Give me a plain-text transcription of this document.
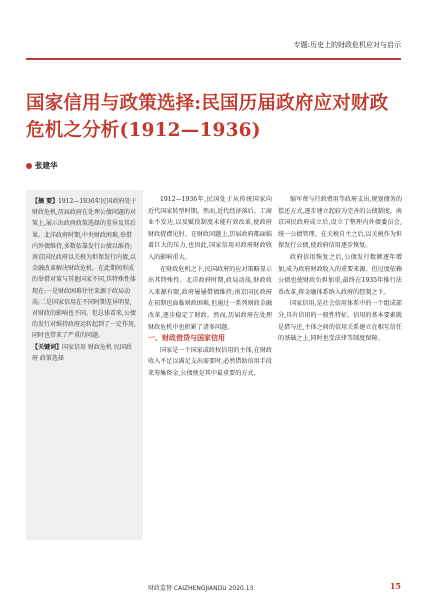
专题:历史上的财政危机应对与启示
国家信用与政策选择:民国历届政府应对财政危机之分析(1912—1936)
张建华
【摘 要】1912—1936年民国政府处于财政危机,历届政府在处理公债问题的对策上,展示出政府政策选择的差异及其后果。北洋政府时期,中央财政困难,举借内外债维持,多数依靠发行公债以维持;南京国民政府以关税为担保发行内债,以金融改革解决财政危机。在此期间形成的举借对策与其他国家不同,其特殊性体现在:一是财政困难往往来源于政局动荡;二是国家信用在不同时期差异明显,对财政的影响也不同。但总体看来,公债的发行对维持政府运转起到了一定作用,同时也带来了严重的问题。
【关键词】国家信用 财政危机 民国政府 政策选择

1912—1936年,民国处于从传统国家向近代国家转型时期。然而,近代经济落后、工商业不发达,以及赋役制度未能有效改革,使政府财政捉襟见肘。在财政问题上,历届政府都面临着巨大的压力,也因此,国家信用对政府财政收入的影响重大。

在财政危机之下,民国政府的应对策略显示出其特殊性。北洋政府时期,政局动荡,财政收入来源有限,政府屡屡借债维持;南京国民政府在初期也面临财政困难,但通过一系列财政金融改革,逐步稳定了财政。然而,历届政府在处理财政危机中也积累了诸多问题。

一、财政借贷与国家信用

国家是一个国家或政权信用的主体,在财政收入不足以满足支出需要时,必然借助信用手段来筹集资金,公债便是其中最重要的方式。

缩军费与行政费用等政府支出,规划债务的偿还方式,逐步建立起较为完善的公债制度。南京国民政府成立后,设立了整理内外债委员会,统一公债管理。在关税自主之后,以关税作为担保发行公债,使政府信用逐步恢复。

政府信用恢复之后,公债发行数额逐年增加,成为政府财政收入的重要来源。但过度依赖公债也使财政负担加重,最终在1935年推行法币改革,将金融体系纳入政府的控制之下。

国家信用,是社会信用体系中的一个组成部分,具有信用的一般性特征。信用的基本要素就是借与还,主体之间的信用关系建立在相互信任的基础之上,同时也受法律等制度保障。

财政监督 CAIZHENGJIANDU 2020.13	15
